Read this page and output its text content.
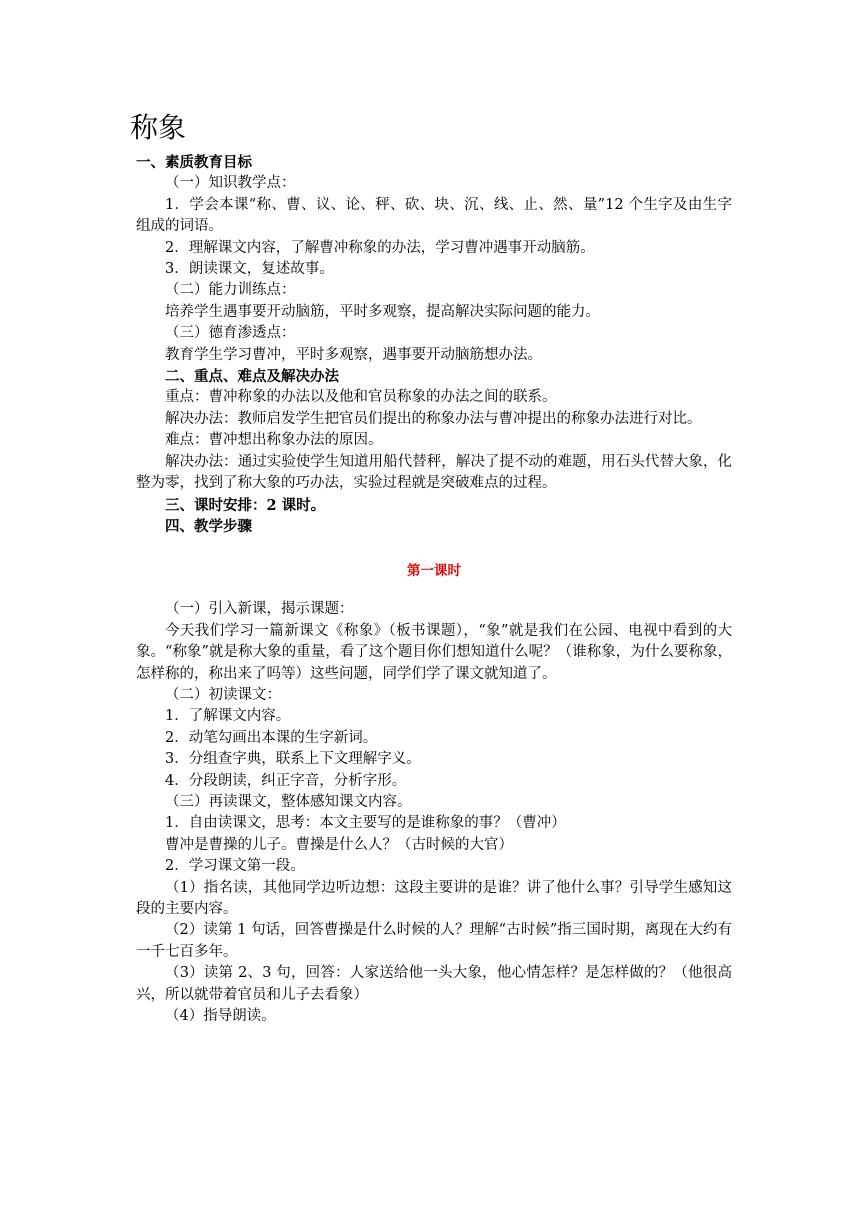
称象
一、素质教育目标
（一）知识教学点：
1．学会本课“称、曹、议、论、秤、砍、块、沉、线、止、然、量”12 个生字及由生字组成的词语。
2．理解课文内容，了解曹冲称象的办法，学习曹冲遇事开动脑筋。
3．朗读课文，复述故事。
（二）能力训练点：
培养学生遇事要开动脑筋，平时多观察，提高解决实际问题的能力。
（三）德育渗透点：
教育学生学习曹冲，平时多观察，遇事要开动脑筋想办法。
二、重点、难点及解决办法
重点：曹冲称象的办法以及他和官员称象的办法之间的联系。
解决办法：教师启发学生把官员们提出的称象办法与曹冲提出的称象办法进行对比。
难点：曹冲想出称象办法的原因。
解决办法：通过实验使学生知道用船代替秤，解决了提不动的难题，用石头代替大象，化整为零，找到了称大象的巧办法，实验过程就是突破难点的过程。
三、课时安排：2 课时。
四、教学步骤
第一课时
（一）引入新课，揭示课题：
今天我们学习一篇新课文《称象》（板书课题），“象”就是我们在公园、电视中看到的大象。“称象”就是称大象的重量，看了这个题目你们想知道什么呢？（谁称象，为什么要称象，怎样称的，称出来了吗等）这些问题，同学们学了课文就知道了。
（二）初读课文：
1．了解课文内容。
2．动笔勾画出本课的生字新词。
3．分组查字典，联系上下文理解字义。
4．分段朗读，纠正字音，分析字形。
（三）再读课文，整体感知课文内容。
1．自由读课文，思考：本文主要写的是谁称象的事？（曹冲）
曹冲是曹操的儿子。曹操是什么人？（古时候的大官）
2．学习课文第一段。
（1）指名读，其他同学边听边想：这段主要讲的是谁？讲了他什么事？引导学生感知这段的主要内容。
（2）读第 1 句话，回答曹操是什么时候的人？理解“古时候”指三国时期，离现在大约有一千七百多年。
（3）读第 2、3 句，回答：人家送给他一头大象，他心情怎样？是怎样做的？（他很高兴，所以就带着官员和儿子去看象）
（4）指导朗读。
